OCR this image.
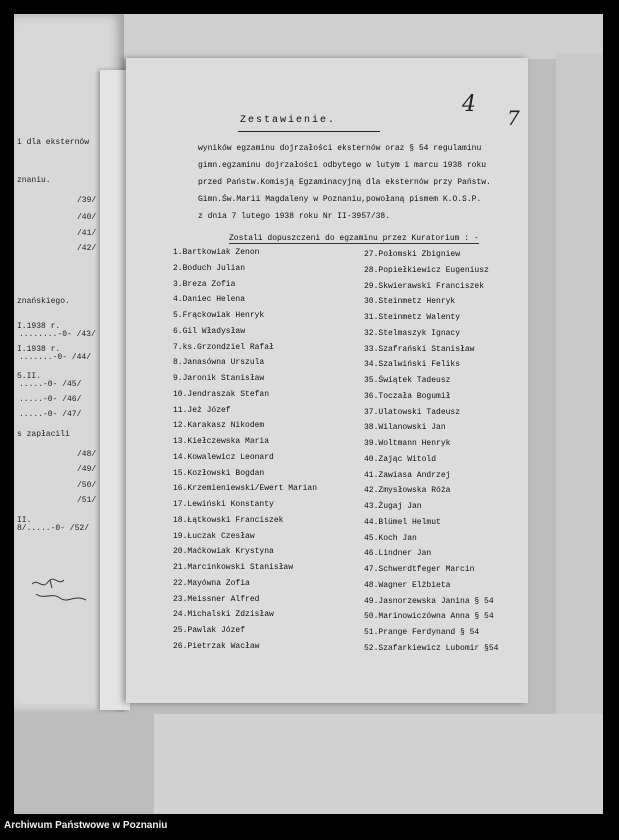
i dla eksternów
znaniu.
/39/
/40/
/41/
/42/
znańskiego.
I.1938 r.
........-0- /43/
I.1938 r.
.......-0- /44/
5.II.
.....-0- /45/
.....-0- /46/
.....-0- /47/
s zapłacili
/48/
/49/
/50/
/51/
II.
8/.....-0- /52/
Zestawienie.
4
7
wyników egzaminu dojrzałości eksternów oraz § 54 regulaminu
gimn.egzaminu dojrzałości odbytego w lutym i marcu 1938 roku
przed Państw.Komisją Egzaminacyjną dla eksternów przy Państw.
Gimn.Św.Marii Magdaleny w Poznaniu,powołaną pismem K.O.S.P.
z dnia 7 lutego 1938 roku Nr II-3957/38.
Zostali dopuszczeni do egzaminu przez Kuratorium : -
1.Bartkowiak Zenon
2.Boduch Julian
3.Breza Zofia
4.Daniec Helena
5.Frąckowiak Henryk
6.Gil Władysław
7.ks.Grzondziel Rafał
8.Janasówna Urszula
9.Jaronik Stanisław
10.Jendraszak Stefan
11.Jeż Józef
12.Karakasz Nikodem
13.Kiełczewska Maria
14.Kowalewicz Leonard
15.Kozłowski Bogdan
16.Krzemieniewski/Ewert Marian
17.Lewiński Konstanty
18.Łątkowski Franciszek
19.Łuczak Czesław
20.Maćkowiak Krystyna
21.Marcinkowski Stanisław
22.Mayówna Zofia
23.Meissner Alfred
24.Michalski Zdzisław
25.Pawlak Józef
26.Pietrzak Wacław
27.Połomski Zbigniew
28.Popiełkiewicz Eugeniusz
29.Skwierawski Franciszek
30.Steinmetz Henryk
31.Steinmetz Walenty
32.Stelmaszyk Ignacy
33.Szafrański Stanisław
34.Szalwiński Feliks
35.Świątek Tadeusz
36.Toczała Bogumił
37.Ulatowski Tadeusz
38.Wilanowski Jan
39.Woltmann Henryk
40.Zając Witold
41.Zawiasa Andrzej
42.Zmysłowska Róża
43.Żugaj Jan
44.Blümel Helmut
45.Koch Jan
46.Lindner Jan
47.Schwerdtfeger Marcin
48.Wagner Elżbieta
49.Jasnorzewska Janina § 54
50.Marinowiczówna Anna § 54
51.Prange Ferdynand § 54
52.Szafarkiewicz Lubomir §54
Archiwum Państwowe w Poznaniu
